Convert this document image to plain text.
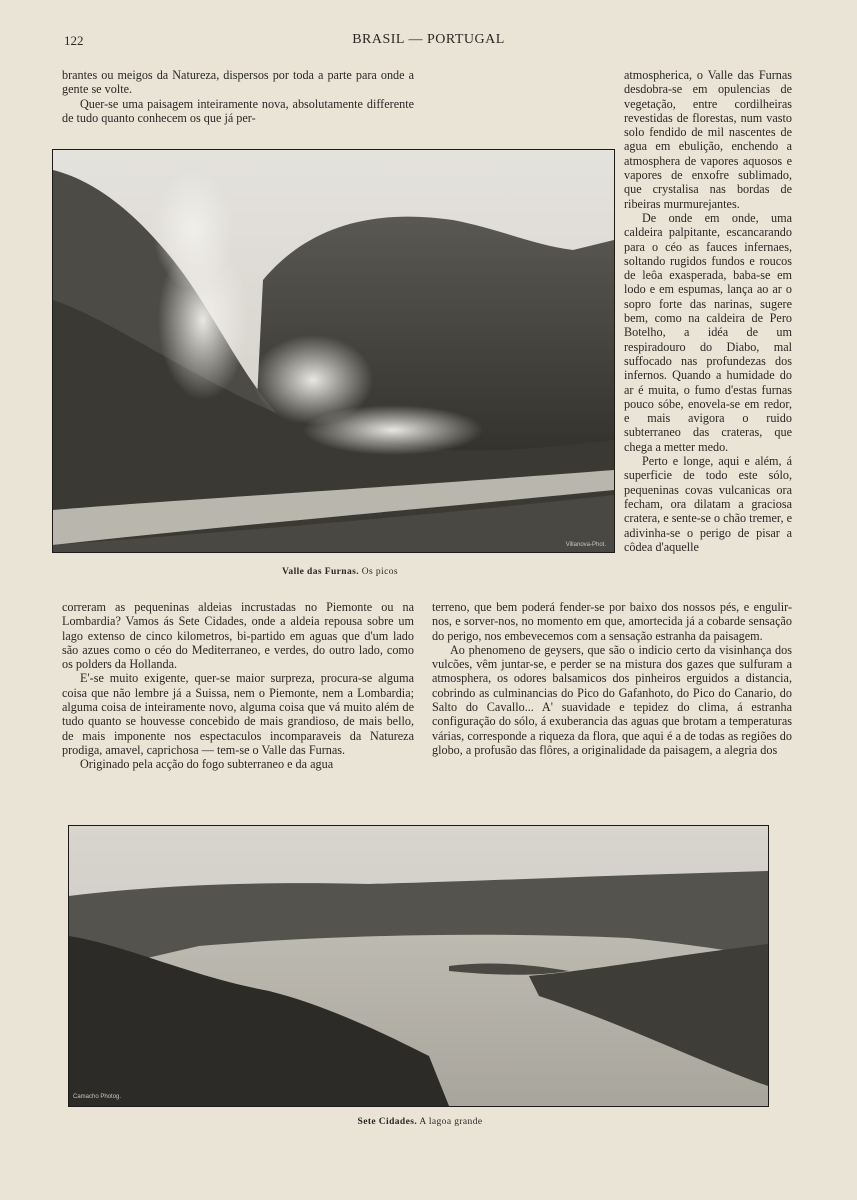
122	BRASIL — PORTUGAL

brantes ou meigos da Natureza, dispersos por toda a parte para onde a gente se volte.

Quer-se uma paisagem inteiramente nova, absolutamente differente de tudo quanto conhecem os que já per-

atmospherica, o Valle das Furnas desdobra-se em opulencias de vegetação, entre cordilheiras revestidas de florestas, num vasto solo fendido de mil nascentes de agua em ebulição, enchendo a atmosphera de vapores aquosos e vapores de enxofre sublimado, que crystalisa nas bordas de ribeiras murmurejantes.

De onde em onde, uma caldeira palpitante, escancarando para o céo as fauces infernaes, soltando rugidos fundos e roucos de leôa exasperada, baba-se em lodo e em espumas, lança ao ar o sopro forte das narinas, sugere bem, como na caldeira de Pero Botelho, a idéa de um respiradouro do Diabo, mal suffocado nas profundezas dos infernos. Quando a humidade do ar é muita, o fumo d'estas furnas pouco sóbe, enovela-se em redor, e mais avigora o ruido subterraneo das crateras, que chega a metter medo.

Perto e longe, aqui e além, á superficie de todo este sólo, pequeninas covas vulcanicas ora fecham, ora dilatam a graciosa cratera, e sente-se o chão tremer, e adivinha-se o perigo de pisar a côdea d'aquelle

Villanova-Phot.
Valle das Furnas. Os picos

correram as pequeninas aldeias incrustadas no Piemonte ou na Lombardia? Vamos ás Sete Cidades, onde a aldeia repousa sobre um lago extenso de cinco kilometros, bi-partido em aguas que d'um lado são azues como o céo do Mediterraneo, e verdes, do outro lado, como os polders da Hollanda.

E'-se muito exigente, quer-se maior surpreza, procura-se alguma coisa que não lembre já a Suissa, nem o Piemonte, nem a Lombardia; alguma coisa de inteiramente novo, alguma coisa que vá muito além de tudo quanto se houvesse concebido de mais grandioso, de mais bello, de mais imponente nos espectaculos incomparaveis da Natureza prodiga, amavel, caprichosa — tem-se o Valle das Furnas.

Originado pela acção do fogo subterraneo e da agua

terreno, que bem poderá fender-se por baixo dos nossos pés, e engulir-nos, e sorver-nos, no momento em que, amortecida já a cobarde sensação do perigo, nos embevecemos com a sensação estranha da paisagem.

Ao phenomeno de geysers, que são o indicio certo da visinhança dos vulcões, vêm juntar-se, e perder se na mistura dos gazes que sulfuram a atmosphera, os odores balsamicos dos pinheiros erguidos a distancia, cobrindo as culminancias do Pico do Gafanhoto, do Pico do Canario, do Salto do Cavallo... A' suavidade e tepidez do clima, á estranha configuração do sólo, á exuberancia das aguas que brotam a temperaturas várias, corresponde a riqueza da flora, que aqui é a de todas as regiões do globo, a profusão das flôres, a originalidade da paisagem, a alegria dos

Camacho Photog.
Sete Cidades. A lagoa grande
